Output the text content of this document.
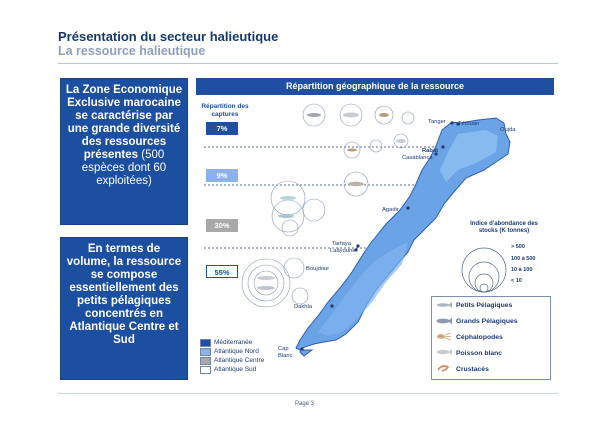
Présentation du secteur halieutique
La ressource halieutique
La Zone Economique Exclusive marocaine se caractérise par une grande diversité des ressources présentes (500 espèces dont 60 exploitées)
En termes de volume, la ressource se compose essentiellement des petits pélagiques concentrés en Atlantique Centre et Sud
Répartition géographique de la ressource
Répartition des captures
7%
9%
30%
55%
Tanger Tétouan
Oujda
Rabat
Casablanca
Agadir
Tarfaya
Laâyoune
Boujdour
Dakhla
Cap Blanc
Méditerranée
Atlantique Nord
Atlantique Centre
Atlantique Sud
Indice d'abondance des stocks (K tonnes)
> 500
100 à 500
10 à 100
< 10
Petits Pélagiques
Grands Pélagiques
Céphalopodes
Poisson blanc
Crustacés
Page 3
